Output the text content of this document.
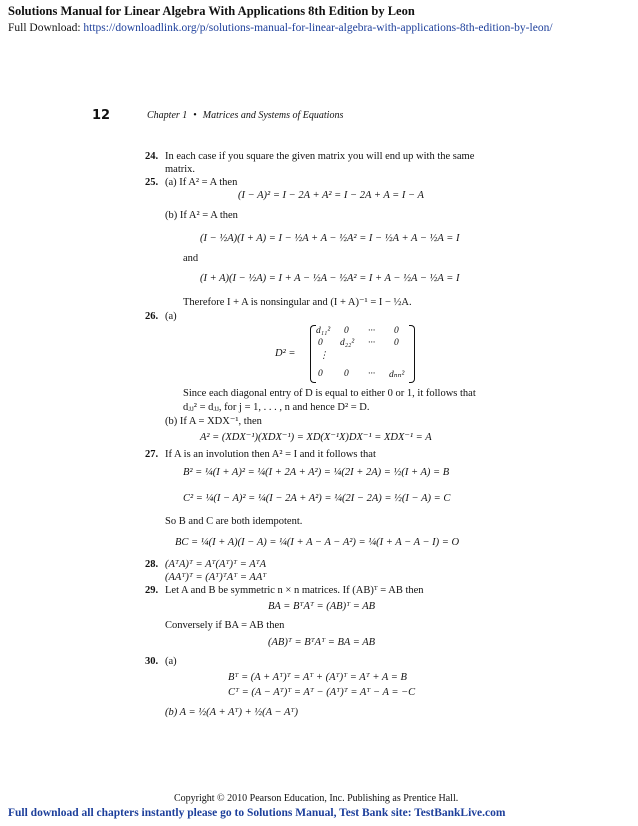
Solutions Manual for Linear Algebra With Applications 8th Edition by Leon
Full Download: https://downloadlink.org/p/solutions-manual-for-linear-algebra-with-applications-8th-edition-by-leon/
12	Chapter 1 • Matrices and Systems of Equations
24. In each case if you square the given matrix you will end up with the same
matrix.
25. (a) If A² = A then
(I − A)² = I − 2A + A² = I − 2A + A = I − A
(b) If A² = A then
(I − ½A)(I + A) = I − ½A + A − ½A² = I − ½A + A − ½A = I
and
(I + A)(I − ½A) = I + A − ½A − ½A² = I + A − ½A − ½A = I
Therefore I + A is nonsingular and (I + A)⁻¹ = I − ½A.
26. (a)
D² =
d₁₁² 0 ··· 0
0 d₂₂² ··· 0
⋮
0 0 ··· dₙₙ²
Since each diagonal entry of D is equal to either 0 or 1, it follows that
dⱼⱼ² = dⱼⱼ, for j = 1, . . . , n and hence D² = D.
(b) If A = XDX⁻¹, then
A² = (XDX⁻¹)(XDX⁻¹) = XD(X⁻¹X)DX⁻¹ = XDX⁻¹ = A
27. If A is an involution then A² = I and it follows that
B² = ¼(I + A)² = ¼(I + 2A + A²) = ¼(2I + 2A) = ½(I + A) = B
C² = ¼(I − A)² = ¼(I − 2A + A²) = ¼(2I − 2A) = ½(I − A) = C
So B and C are both idempotent.
BC = ¼(I + A)(I − A) = ¼(I + A − A − A²) = ¼(I + A − A − I) = O
28. (AᵀA)ᵀ = Aᵀ(Aᵀ)ᵀ = AᵀA
(AAᵀ)ᵀ = (Aᵀ)ᵀAᵀ = AAᵀ
29. Let A and B be symmetric n × n matrices. If (AB)ᵀ = AB then
BA = BᵀAᵀ = (AB)ᵀ = AB
Conversely if BA = AB then
(AB)ᵀ = BᵀAᵀ = BA = AB
30. (a)
Bᵀ = (A + Aᵀ)ᵀ = Aᵀ + (Aᵀ)ᵀ = Aᵀ + A = B
Cᵀ = (A − Aᵀ)ᵀ = Aᵀ − (Aᵀ)ᵀ = Aᵀ − A = −C
(b) A = ½(A + Aᵀ) + ½(A − Aᵀ)
Copyright © 2010 Pearson Education, Inc. Publishing as Prentice Hall.
Full download all chapters instantly please go to Solutions Manual, Test Bank site: TestBankLive.com
